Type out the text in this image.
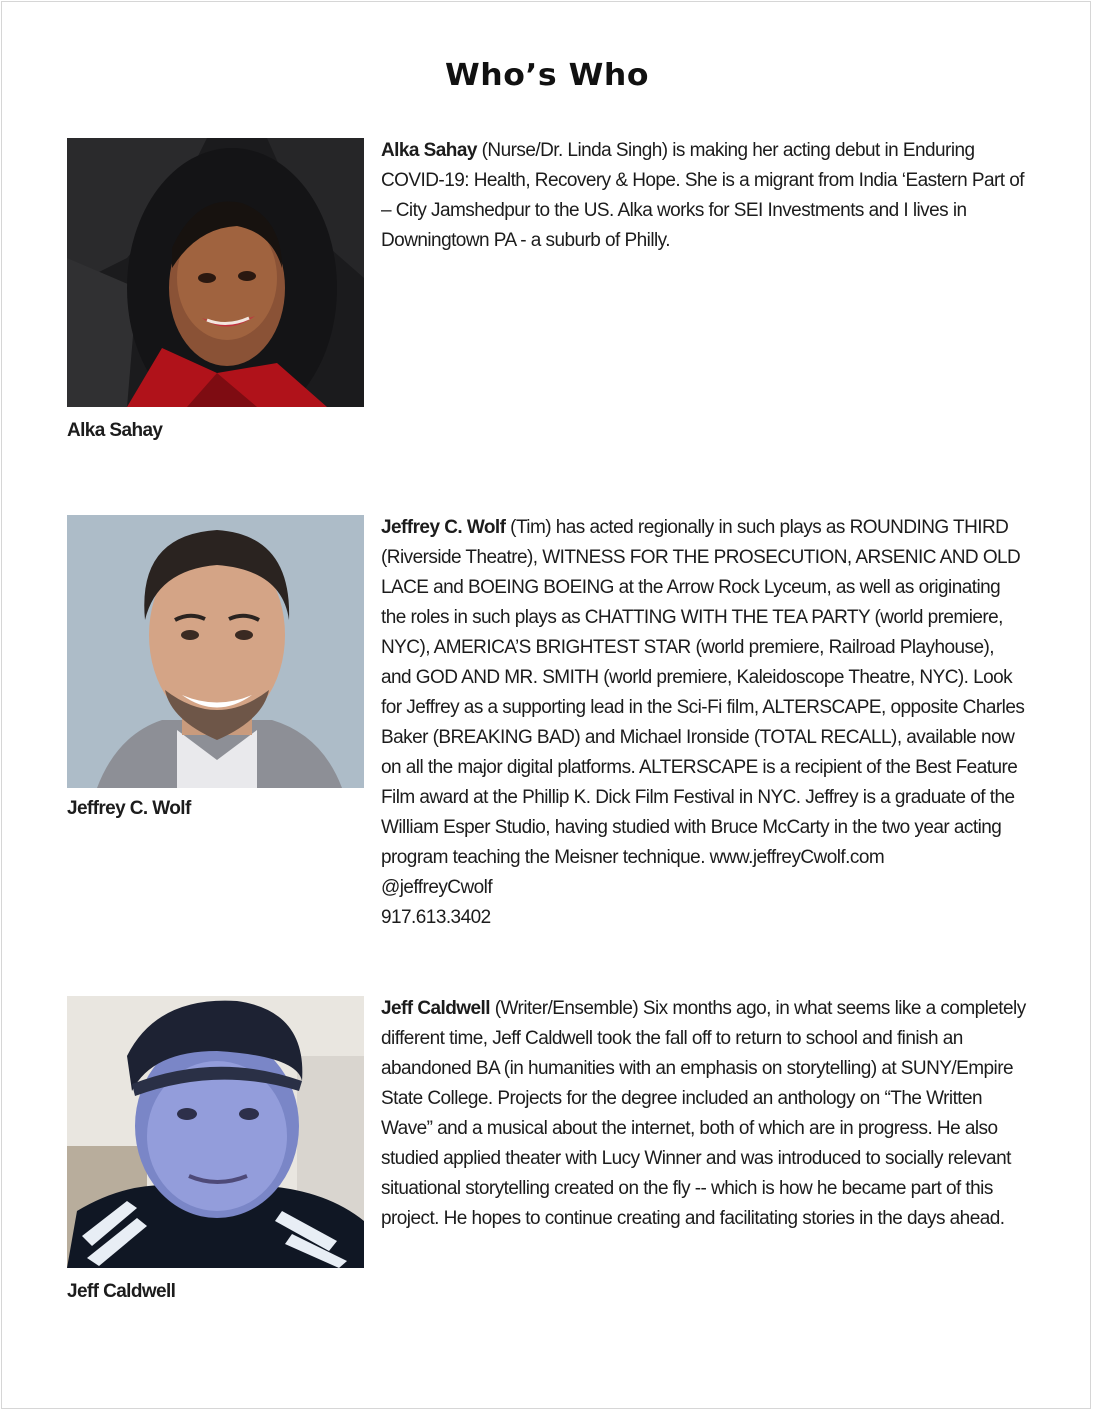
Who’s Who
Alka Sahay
Alka Sahay (Nurse/Dr. Linda Singh) is making her acting debut in Enduring COVID-19: Health, Recovery & Hope. She is a migrant from India ‘Eastern Part of – City Jamshedpur to the US. Alka works for SEI Investments and I lives in Downingtown PA - a suburb of Philly.
Jeffrey C. Wolf
Jeffrey C. Wolf (Tim) has acted regionally in such plays as ROUNDING THIRD (Riverside Theatre), WITNESS FOR THE PROSECUTION, ARSENIC AND OLD LACE and BOEING BOEING at the Arrow Rock Lyceum, as well as originating the roles in such plays as CHATTING WITH THE TEA PARTY (world premiere, NYC), AMERICA’S BRIGHTEST STAR (world premiere, Railroad Playhouse), and GOD AND MR. SMITH (world premiere, Kaleidoscope Theatre, NYC). Look for Jeffrey as a supporting lead in the Sci-Fi film, ALTERSCAPE, opposite Charles Baker (BREAKING BAD) and Michael Ironside (TOTAL RECALL), available now on all the major digital platforms. ALTERSCAPE is a recipient of the Best Feature Film award at the Phillip K. Dick Film Festival in NYC. Jeffrey is a graduate of the William Esper Studio, having studied with Bruce McCarty in the two year acting program teaching the Meisner technique. www.jeffreyCwolf.com
@jeffreyCwolf
917.613.3402
Jeff Caldwell
Jeff Caldwell (Writer/Ensemble) Six months ago, in what seems like a completely different time, Jeff Caldwell took the fall off to return to school and finish an abandoned BA (in humanities with an emphasis on storytelling) at SUNY/Empire State College. Projects for the degree included an anthology on “The Written Wave” and a musical about the internet, both of which are in progress. He also studied applied theater with Lucy Winner and was introduced to socially relevant situational storytelling created on the fly -- which is how he became part of this project. He hopes to continue creating and facilitating stories in the days ahead.
